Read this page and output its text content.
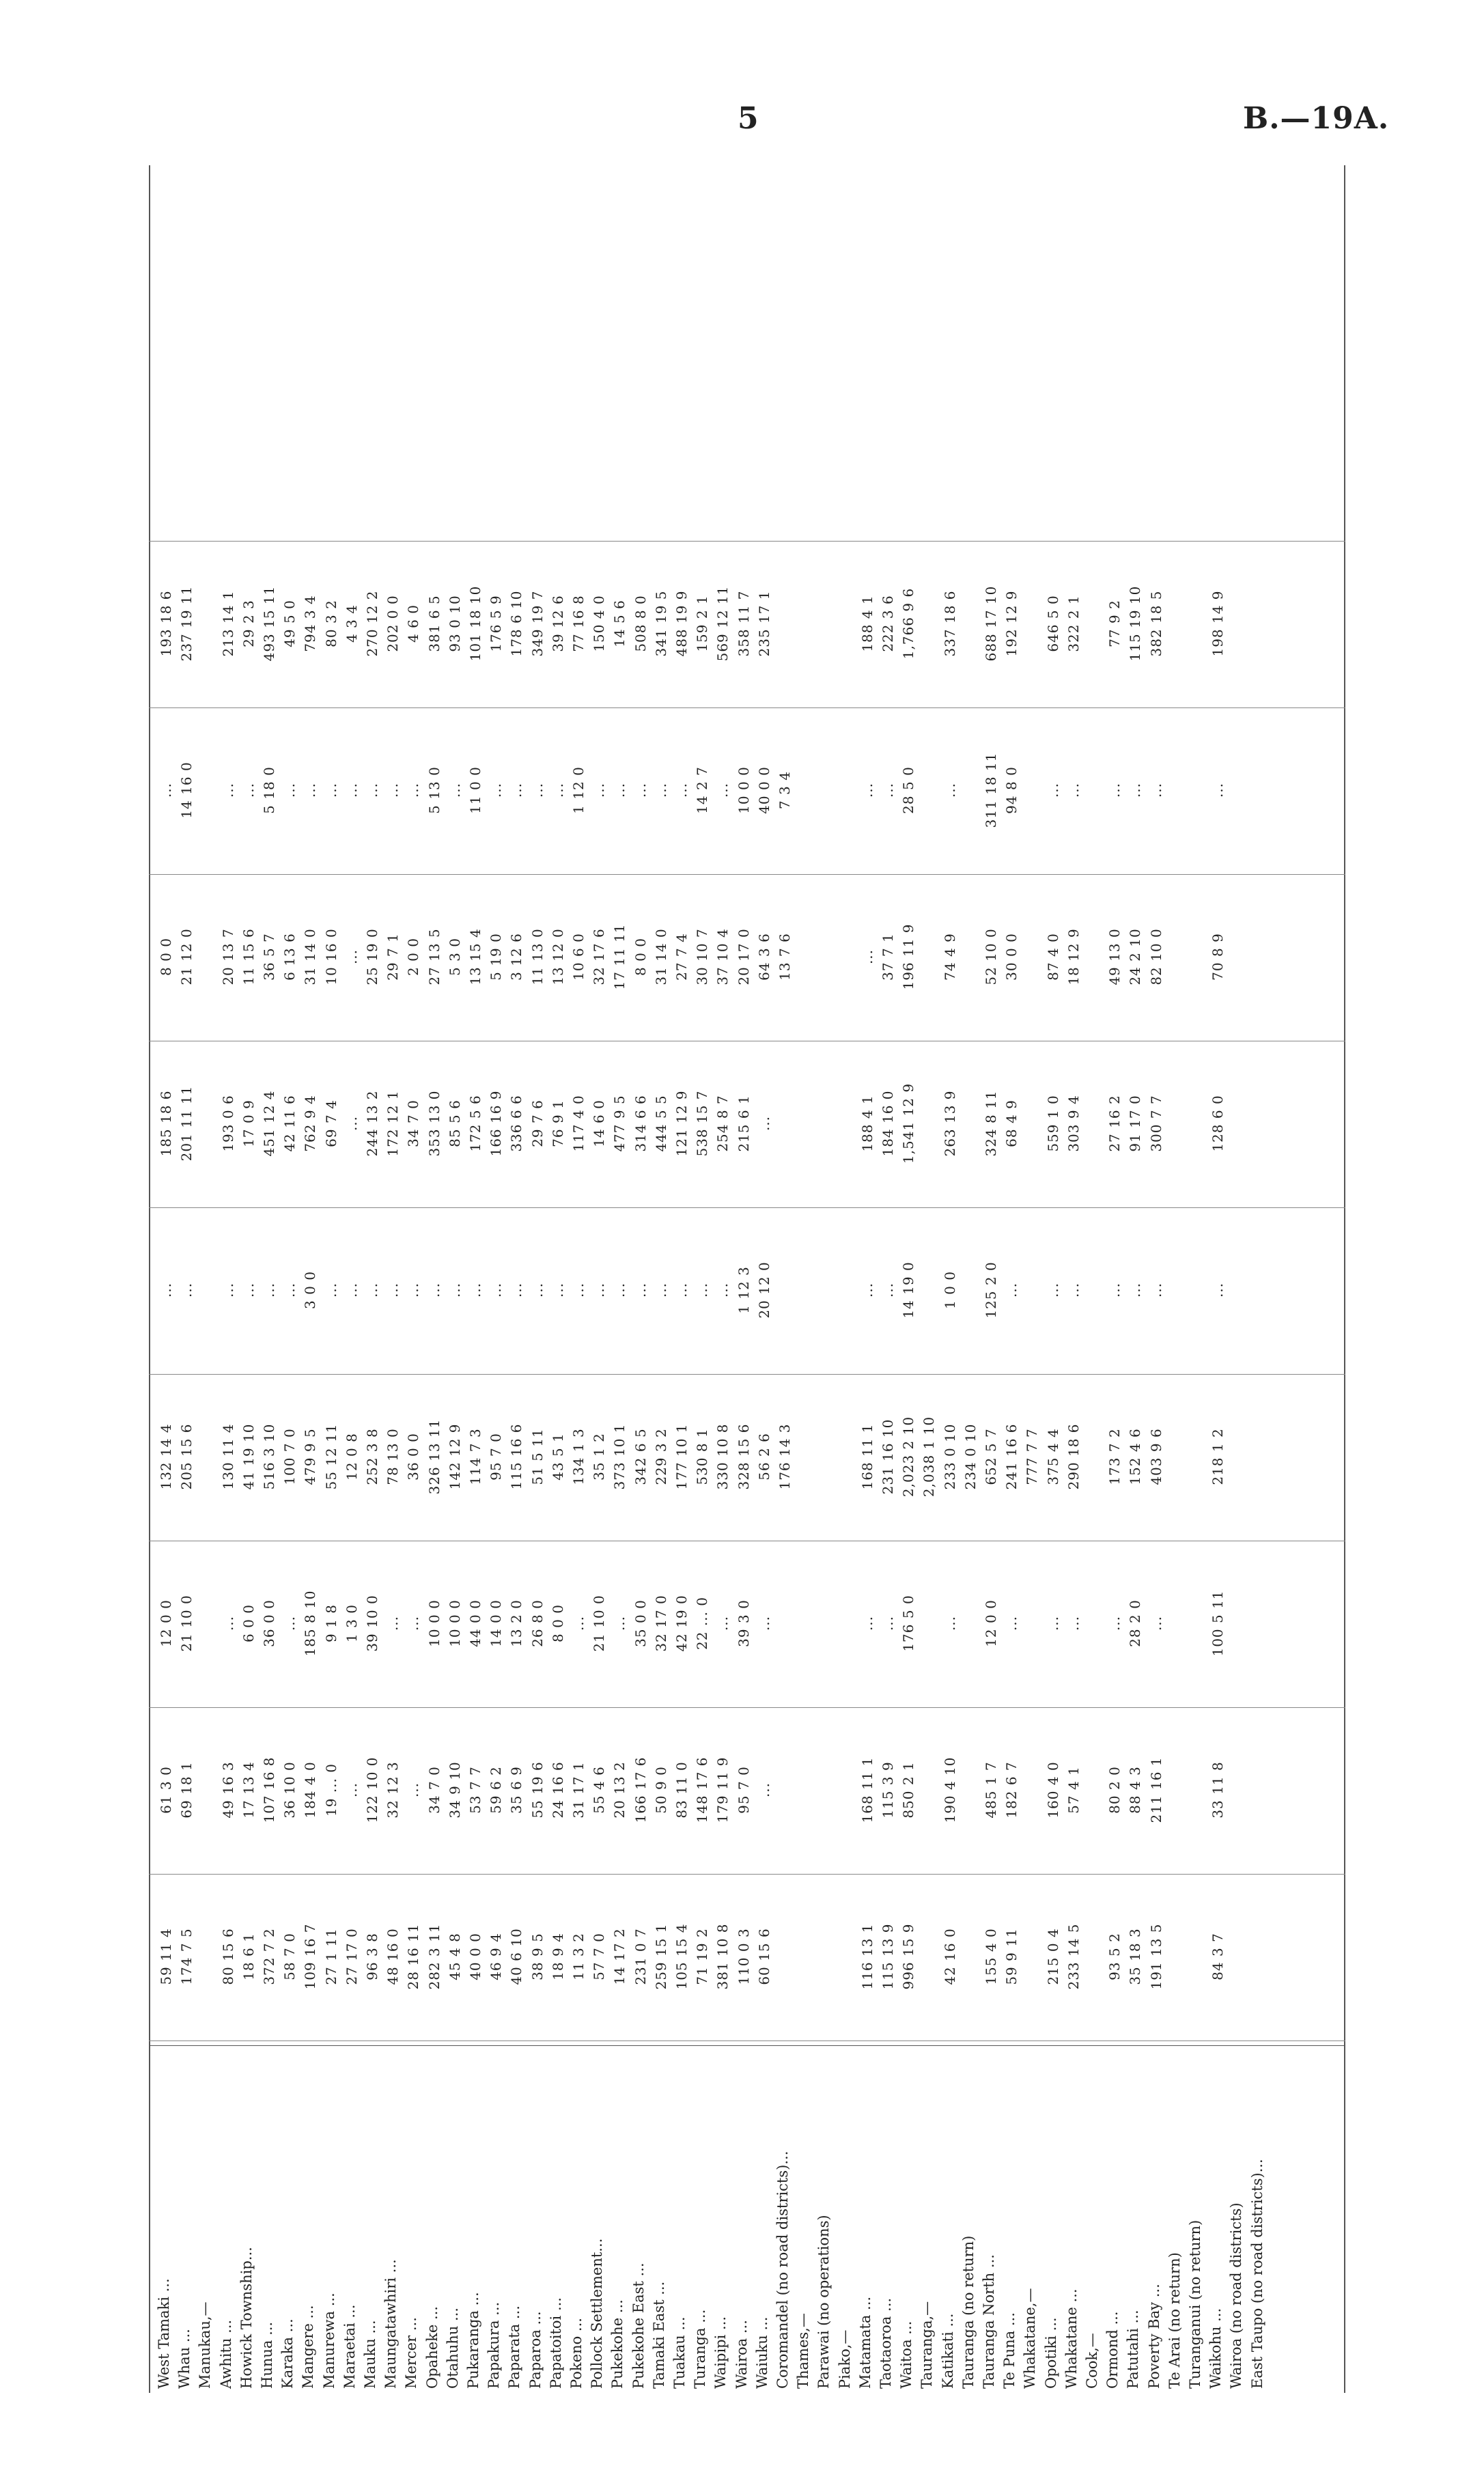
5	B.—19A.
West Tamaki ...
59 11 4
61 3 0
12 0 0
132 14 4
...
185 18 6
8 0 0
...
193 18 6
Whau ...
174 7 5
69 18 1
21 10 0
205 15 6
...
201 11 11
21 12 0
14 16 0
237 19 11
Manukau,— Awhitu ...
80 15 6
49 16 3
...
130 11 4
...
193 0 6
20 13 7
...
213 14 1
Howick Township...
18 6 1
17 13 4
6 0 0
41 19 10
...
17 0 9
11 15 6
...
29 2 3
Hunua ...
372 7 2
107 16 8
36 0 0
516 3 10
...
451 12 4
36 5 7
5 18 0
493 15 11
Karaka ...
58 7 0
36 10 0
...
100 7 0
...
42 11 6
6 13 6
...
49 5 0
Mangere ...
109 16 7
184 4 0
185 8 10
479 9 5
3 0 0
762 9 4
31 14 0
...
794 3 4
Manurewa ...
27 1 11
19 ... 0
9 1 8
55 12 11
...
69 7 4
10 16 0
...
80 3 2
Maraetai ...
27 17 0
...
1 3 0
12 0 8
...
...
...
...
4 3 4
Mauku ...
96 3 8
122 10 0
39 10 0
252 3 8
...
244 13 2
25 19 0
...
270 12 2
Maungatawhiri ...
48 16 0
32 12 3
...
78 13 0
...
172 12 1
29 7 1
...
202 0 0
Mercer ...
28 16 11
...
...
36 0 0
...
34 7 0
2 0 0
...
4 6 0
Opaheke ...
282 3 11
34 7 0
10 0 0
326 13 11
...
353 13 0
27 13 5
5 13 0
381 6 5
Otahuhu ...
45 4 8
34 9 10
10 0 0
142 12 9
...
85 5 6
5 3 0
...
93 0 10
Pukaranga ...
40 0 0
53 7 7
44 0 0
114 7 3
...
172 5 6
13 15 4
11 0 0
101 18 10
Papakura ...
46 9 4
59 6 2
14 0 0
95 7 0
...
166 16 9
5 19 0
...
176 5 9
Paparata ...
40 6 10
35 6 9
13 2 0
115 16 6
...
336 6 6
3 12 6
...
178 6 10
Paparoa ...
38 9 5
55 19 6
26 8 0
51 5 11
...
29 7 6
11 13 0
...
349 19 7
Papatoitoi ...
18 9 4
24 16 6
8 0 0
43 5 1
...
76 9 1
13 12 0
...
39 12 6
Pokeno ...
11 3 2
31 17 1
...
134 1 3
...
117 4 0
10 6 0
1 12 0
77 16 8
Pollock Settlement...
57 7 0
55 4 6
21 10 0
35 1 2
...
14 6 0
32 17 6
...
150 4 0
Pukekohe ...
14 17 2
20 13 2
...
373 10 1
...
477 9 5
17 11 11
...
14 5 6
Pukekohe East ...
231 0 7
166 17 6
35 0 0
342 6 5
...
314 6 6
8 0 0
...
508 8 0
Tamaki East ...
259 15 1
50 9 0
32 17 0
229 3 2
...
444 5 5
31 14 0
...
341 19 5
Tuakau ...
105 15 4
83 11 0
42 19 0
177 10 1
...
121 12 9
27 7 4
...
488 19 9
Turanga ...
71 19 2
148 17 6
22 ... 0
530 8 1
...
538 15 7
30 10 7
14 2 7
159 2 1
Waipipi ...
381 10 8
179 11 9
...
330 10 8
...
254 8 7
37 10 4
...
569 12 11
Wairoa ...
110 0 3
95 7 0
39 3 0
328 15 6
1 12 3
215 6 1
20 17 0
10 0 0
358 11 7
Waiuku ...
60 15 6
...
...
56 2 6
20 12 0
...
64 3 6
40 0 0
235 17 1
Coromandel (no road districts)...
176 14 3
13 7 6
7 3 4
Thames,— Parawai (no operations) Piako,— Matamata ...
116 13 1
168 11 1
...
168 11 1
...
188 4 1
...
...
188 4 1
Taotaoroa ...
115 13 9
115 3 9
...
231 16 10
...
184 16 0
37 7 1
...
222 3 6
Waitoa ...
996 15 9
850 2 1
176 5 0
2,023 2 10
14 19 0
1,541 12 9
196 11 9
28 5 0
1,766 9 6
Tauranga,—
2,038 1 10
Katikati ...
42 16 0
190 4 10
...
233 0 10
1 0 0
263 13 9
74 4 9
...
337 18 6
Tauranga (no return)
234 0 10
Tauranga North ...
155 4 0
485 1 7
12 0 0
652 5 7
125 2 0
324 8 11
52 10 0
311 18 11
688 17 10
Te Puna ...
59 9 11
182 6 7
...
241 16 6
...
68 4 9
30 0 0
94 8 0
192 12 9
Whakatane,—
777 7 7
Opotiki ...
215 0 4
160 4 0
...
375 4 4
...
559 1 0
87 4 0
...
646 5 0
Whakatane ...
233 14 5
57 4 1
...
290 18 6
...
303 9 4
18 12 9
...
322 2 1
Cook,— Ormond ...
93 5 2
80 2 0
...
173 7 2
...
27 16 2
49 13 0
...
77 9 2
Patutahi ...
35 18 3
88 4 3
28 2 0
152 4 6
...
91 17 0
24 2 10
...
115 19 10
Poverty Bay ...
191 13 5
211 16 1
...
403 9 6
...
300 7 7
82 10 0
...
382 18 5
Te Arai (no return) Turanganui (no return) Waikohu ...
84 3 7
33 11 8
100 5 11
218 1 2
...
128 6 0
70 8 9
...
198 14 9
Wairoa (no road districts) East Taupo (no road districts)...
